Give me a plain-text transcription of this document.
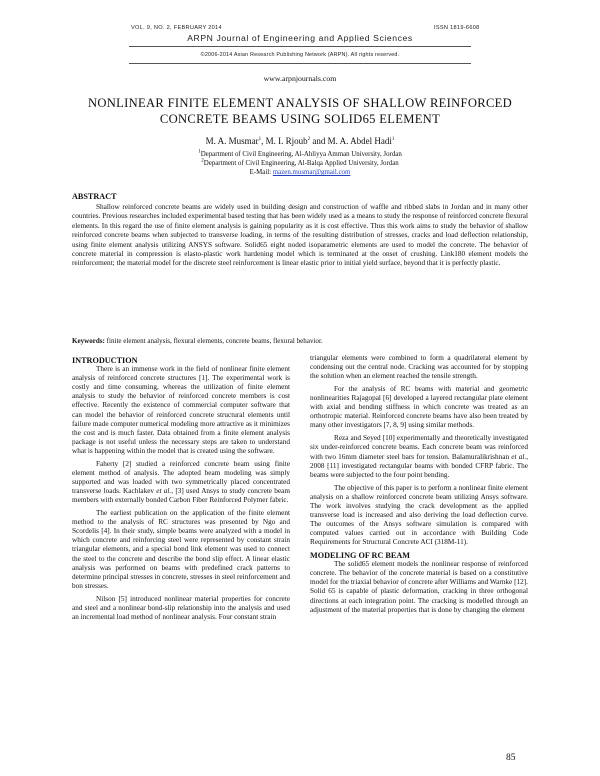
VOL. 9, NO. 2, FEBRUARY 2014	ISSN 1819-6608
ARPN Journal of Engineering and Applied Sciences
©2006-2014 Asian Research Publishing Network (ARPN). All rights reserved.
www.arpnjournals.com
NONLINEAR FINITE ELEMENT ANALYSIS OF SHALLOW REINFORCED CONCRETE BEAMS USING SOLID65 ELEMENT
M. A. Musmar$^1$, M. I. Rjoub$^2$ and M. A. Abdel Hadi$^1$
$^1$Department of Civil Engineering, Al-Ahliyya Amman University, Jordan
$^2$Department of Civil Engineering, Al-Balqa Applied University, Jordan
E-Mail: mazen.musmar@gmail.com
ABSTRACT

Shallow reinforced concrete beams are widely used in building design and construction of waffle and ribbed slabs in Jordan and in many other countries. Previous researches included experimental based testing that has been widely used as a means to study the response of reinforced concrete flexural elements. In this regard the use of finite element analysis is gaining popularity as it is cost effective. Thus this work aims to study the behavior of shallow reinforced concrete beams when subjected to transverse loading, in terms of the resulting distribution of stresses, cracks and load deflection relationship, using finite element analysis utilizing ANSYS software. Solid65 eight noded isoparametric elements are used to model the concrete. The behavior of concrete material in compression is elasto-plastic work hardening model which is terminated at the onset of crushing. Link180 element models the reinforcement; the material model for the discrete steel reinforcement is linear elastic prior to initial yield surface, beyond that it is perfectly plastic.

Keywords: finite element analysis, flexural elements, concrete beams, flexural behavior.

INTRODUCTION

There is an immense work in the field of nonlinear finite element analysis of reinforced concrete structures [1]. The experimental work is costly and time consuming, whereas the utilization of finite element analysis to study the behavior of reinforced concrete members is cost effective. Recently the existence of commercial computer software that can model the behavior of reinforced concrete structural elements until failure made computer numerical modeling more attractive as it minimizes the cost and is much faster. Data obtained from a finite element analysis package is not useful unless the necessary steps are taken to understand what is happening within the model that is created using the software.

Faherty [2] studied a reinforced concrete beam using finite element method of analysis. The adopted beam modeling was simply supported and was loaded with two symmetrically placed concentrated transverse loads. Kachlakev et al., [3] used Ansys to study concrete beam members with externally bonded Carbon Fiber Reinforced Polymer fabric.

The earliest publication on the application of the finite element method to the analysis of RC structures was presented by Ngo and Scordelis [4]. In their study, simple beams were analyzed with a model in which concrete and reinforcing steel were represented by constant strain triangular elements, and a special bond link element was used to connect the steel to the concrete and describe the bond slip effect. A linear elastic analysis was performed on beams with predefined crack patterns to determine principal stresses in concrete, stresses in steel reinforcement and bon stresses.

Nilson [5] introduced nonlinear material properties for concrete and steel and a nonlinear bond-slip relationship into the analysis and used an incremental load method of nonlinear analysis. Four constant strain

triangular elements were combined to form a quadrilateral element by condensing out the central node. Cracking was accounted for by stopping the solution when an element reached the tensile strength.

For the analysis of RC beams with material and geometric nonlinearities Rajagopal [6] developed a layered rectangular plate element with axial and bending stiffness in which concrete was treated as an orthotropic material. Reinforced concrete beams have also been treated by many other investigators [7, 8, 9] using similar methods.

Reza and Seyed [10] experimentally and theoretically investigated six under-reinforced concrete beams. Each concrete beam was reinforced with two 16mm diameter steel bars for tension. Balamuralikrishnan et al., 2008 [11] investigated rectangular beams with bonded CFRP fabric. The beams were subjected to the four point bending.

The objective of this paper is to perform a nonlinear finite element analysis on a shallow reinforced concrete beam utilizing Ansys software. The work involves studying the crack development as the applied transverse load is increased and also deriving the load deflection curve. The outcomes of the Ansys software simulation is compared with computed values carried out in accordance with Building Code Requirements for Structural Concrete ACI (318M-11).

MODELING OF RC BEAM

The solid65 element models the nonlinear response of reinforced concrete. The behavior of the concrete material is based on a constitutive model for the triaxial behavior of concrete after Williams and Warnke [12]. Solid 65 is capable of plastic deformation, cracking in three orthogonal directions at each integration point. The cracking is modelled through an adjustment of the material properties that is done by changing the element

85
